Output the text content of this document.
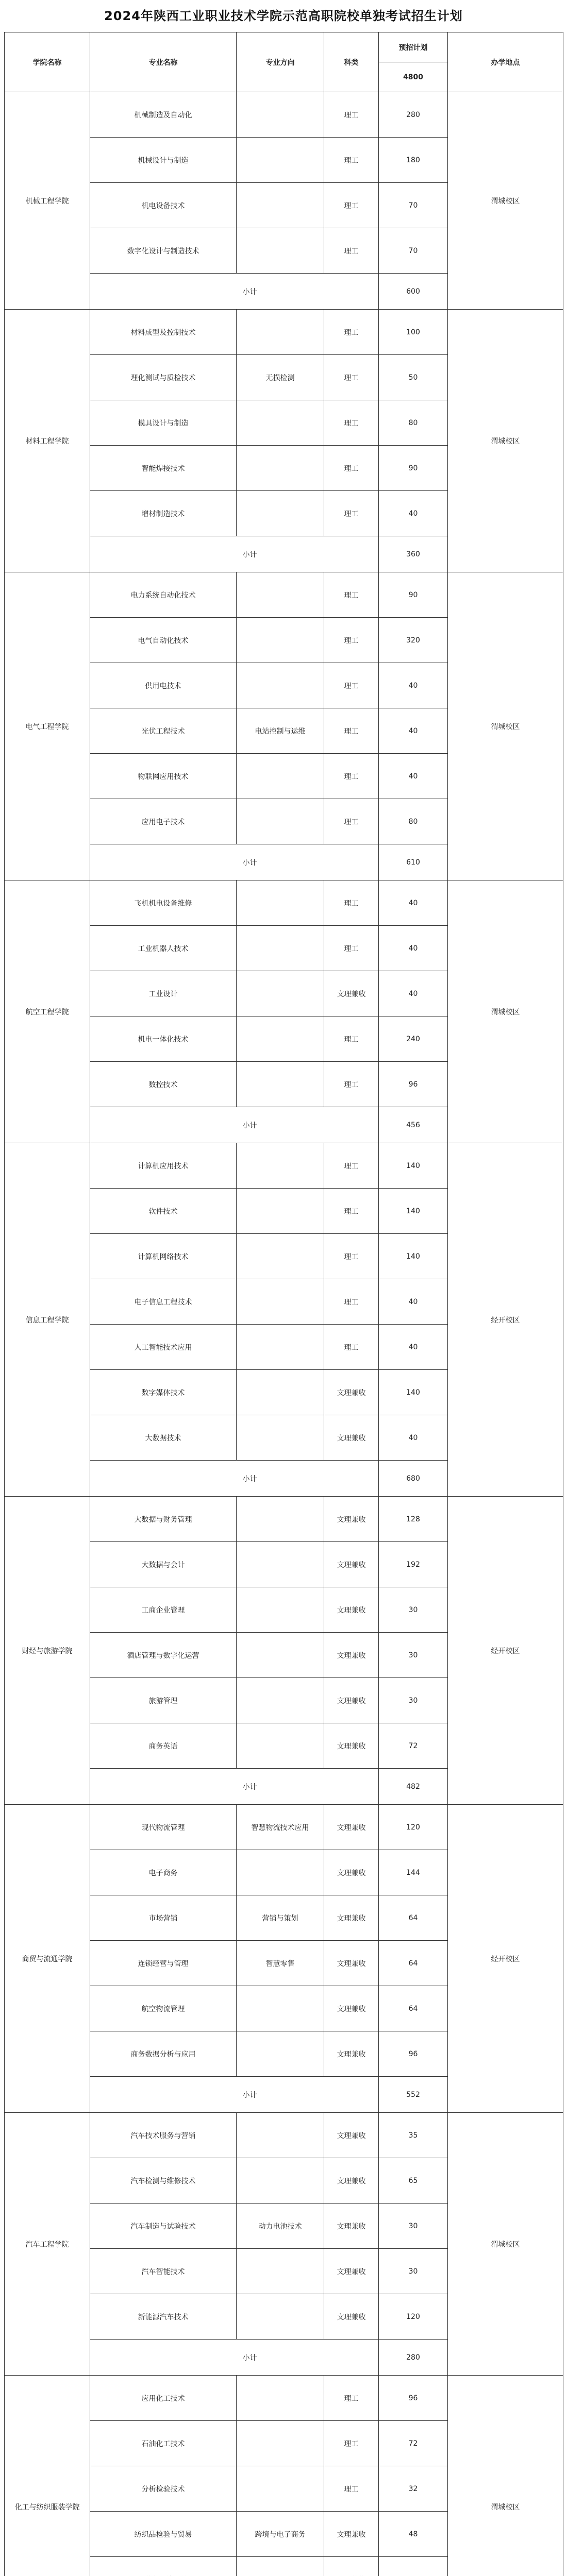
2024年陕西工业职业技术学院示范高职院校单独考试招生计划
学院名称	专业名称	专业方向	科类	预招计划	办学地点
				4800	
机械工程学院	机械制造及自动化		理工	280	渭城校区
	机械设计与制造		理工	180	
	机电设备技术		理工	70	
	数字化设计与制造技术		理工	70	
	小计			600	
材料工程学院	材料成型及控制技术		理工	100	渭城校区
	理化测试与质检技术	无损检测	理工	50	
	模具设计与制造		理工	80	
	智能焊接技术		理工	90	
	增材制造技术		理工	40	
	小计			360	
电气工程学院	电力系统自动化技术		理工	90	渭城校区
	电气自动化技术		理工	320	
	供用电技术		理工	40	
	光伏工程技术	电站控制与运维	理工	40	
	物联网应用技术		理工	40	
	应用电子技术		理工	80	
	小计			610	
航空工程学院	飞机机电设备维修		理工	40	渭城校区
	工业机器人技术		理工	40	
	工业设计		文理兼收	40	
	机电一体化技术		理工	240	
	数控技术		理工	96	
	小计			456	
信息工程学院	计算机应用技术		理工	140	经开校区
	软件技术		理工	140	
	计算机网络技术		理工	140	
	电子信息工程技术		理工	40	
	人工智能技术应用		理工	40	
	数字媒体技术		文理兼收	140	
	大数据技术		文理兼收	40	
	小计			680	
财经与旅游学院	大数据与财务管理		文理兼收	128	经开校区
	大数据与会计		文理兼收	192	
	工商企业管理		文理兼收	30	
	酒店管理与数字化运营		文理兼收	30	
	旅游管理		文理兼收	30	
	商务英语		文理兼收	72	
	小计			482	
商贸与流通学院	现代物流管理	智慧物流技术应用	文理兼收	120	经开校区
	电子商务		文理兼收	144	
	市场营销	营销与策划	文理兼收	64	
	连锁经营与管理	智慧零售	文理兼收	64	
	航空物流管理		文理兼收	64	
	商务数据分析与应用		文理兼收	96	
	小计			552	
汽车工程学院	汽车技术服务与营销		文理兼收	35	渭城校区
	汽车检测与维修技术		文理兼收	65	
	汽车制造与试验技术	动力电池技术	文理兼收	30	
	汽车智能技术		文理兼收	30	
	新能源汽车技术		文理兼收	120	
	小计			280	
化工与纺织服装学院	应用化工技术		理工	96	渭城校区
	石油化工技术		理工	72	
	分析检验技术		理工	32	
	纺织品检验与贸易	跨境与电子商务	文理兼收	48	
